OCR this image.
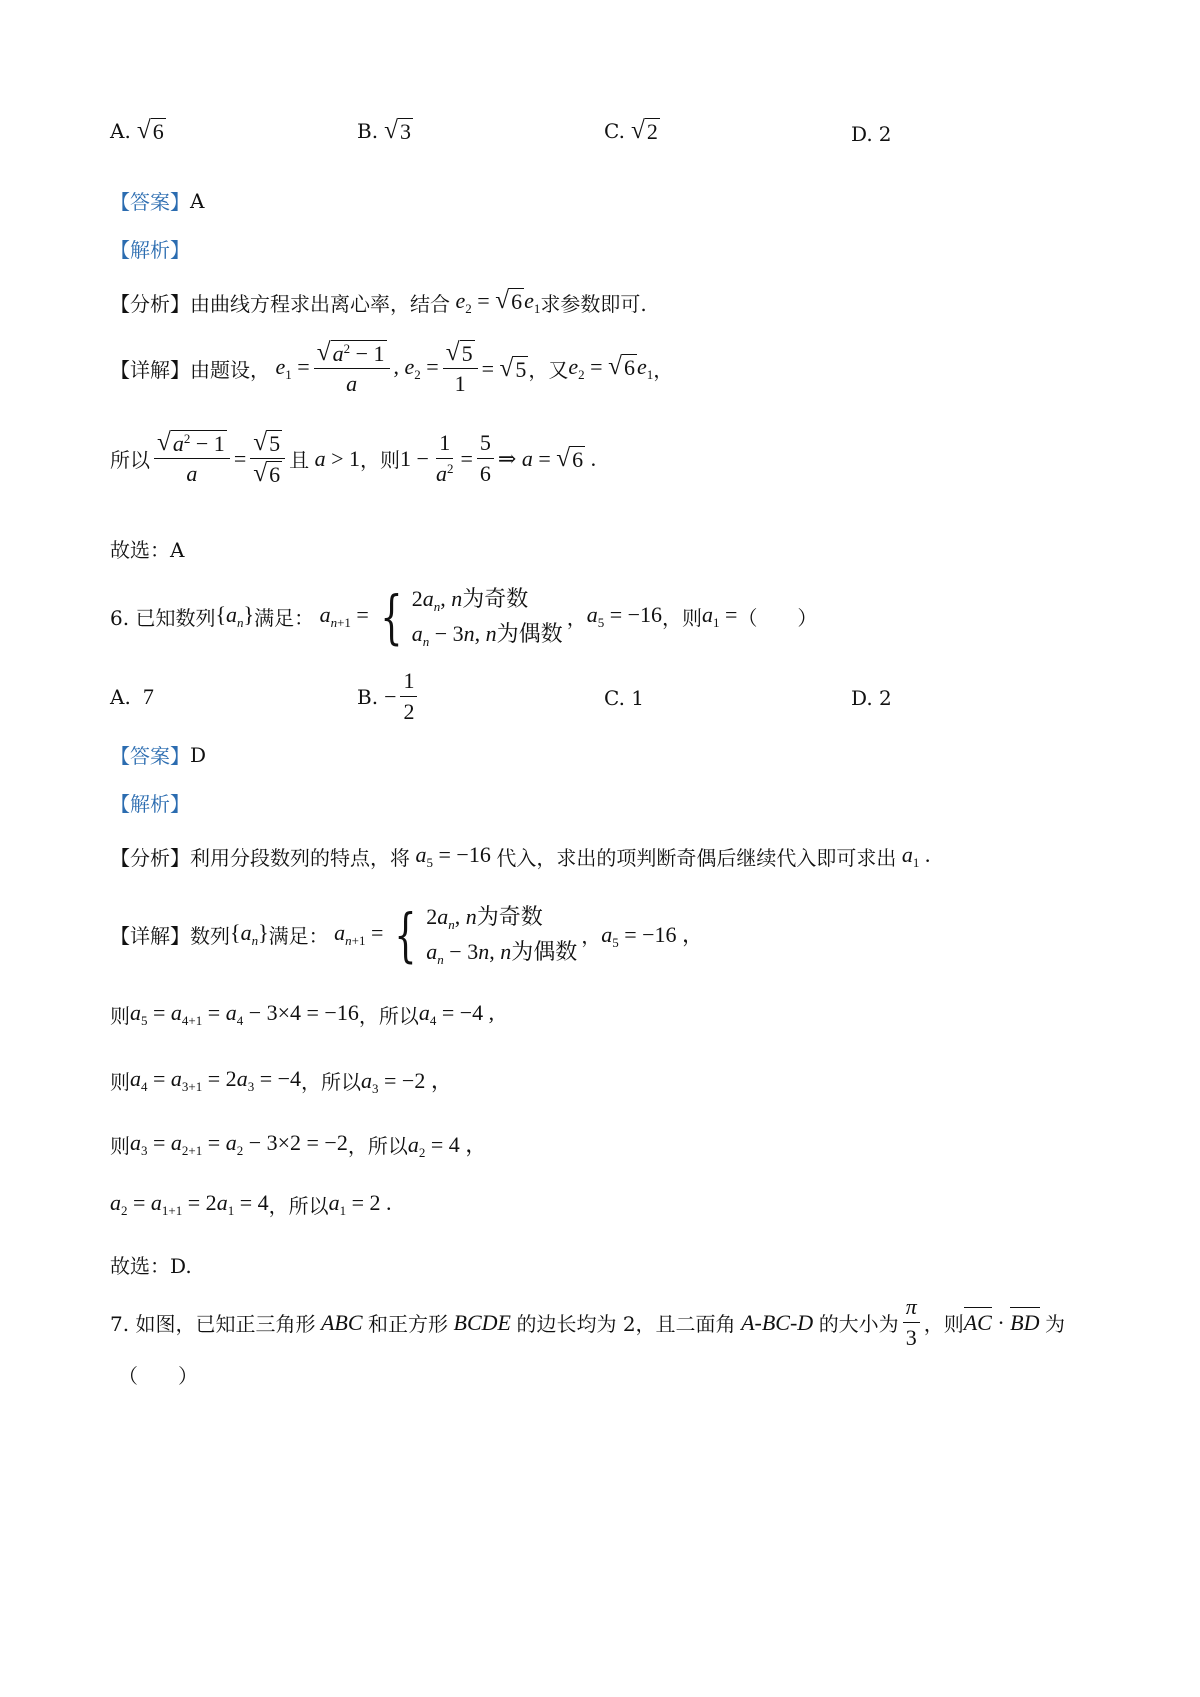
A. √ 6	B. √ 3	C. √ 2	D. 2
【答案】 A
【解析】
【分析】 由曲线方程求出离心率，结合 $e_2$ = √ 6 $e_1$ 求参数即可.
【详解】 由题设， $e_1 = \frac{√ a^2 - 1}{a}$ , $e_2 = \frac{√ 5}{1}$ = √ 5 ，又 $e_2$ = √ 6 $e_1$ ，
所以 $\frac{√ a^2 - 1}{a} = \frac{√ 5}{√ 6}$ 且 a > 1 ，则 $1 - \frac{1}{a^2} = \frac{5}{6}$ ⇒ a = √ 6 .
故选：A
6. 已知数列 $\{a_n\}$ 满足： $a_{n+1}$ = { $2a_n$, n为奇数
$a_n - 3n$, n为偶数
， $a_5 = -16$ ，则 $a_1$ = （　　）
A. 7	B. − $\frac{1}{2}$	C. 1	D. 2
【答案】 D
【解析】
【分析】 利用分段数列的特点，将 $a_5 = -16$ 代入，求出的项判断奇偶后继续代入即可求出 $a_1$ .
【详解】 数列 $\{a_n\}$ 满足： $a_{n+1}$ = { $2a_n$, n为奇数
$a_n - 3n$, n为偶数
， $a_5 = -16$ ，
则 $a_5 = a_{4+1} = a_4 - 3\times 4 = -16$ ，所以 $a_4 = -4$ ,
则 $a_4 = a_{3+1} = 2a_3 = -4$ ，所以 $a_3 = -2$ ，
则 $a_3 = a_{2+1} = a_2 - 3\times 2 = -2$ ，所以 $a_2 = 4$ ，
$a_2 = a_{1+1} = 2a_1 = 4$ ，所以 $a_1 = 2$ .
故选：D.
7. 如图，已知正三角形 ABC 和正方形 BCDE 的边长均为 2，且二面角 A-BC-D 的大小为 $\frac{\pi}{3}$ ，则 AC · BD 为
（　　）
